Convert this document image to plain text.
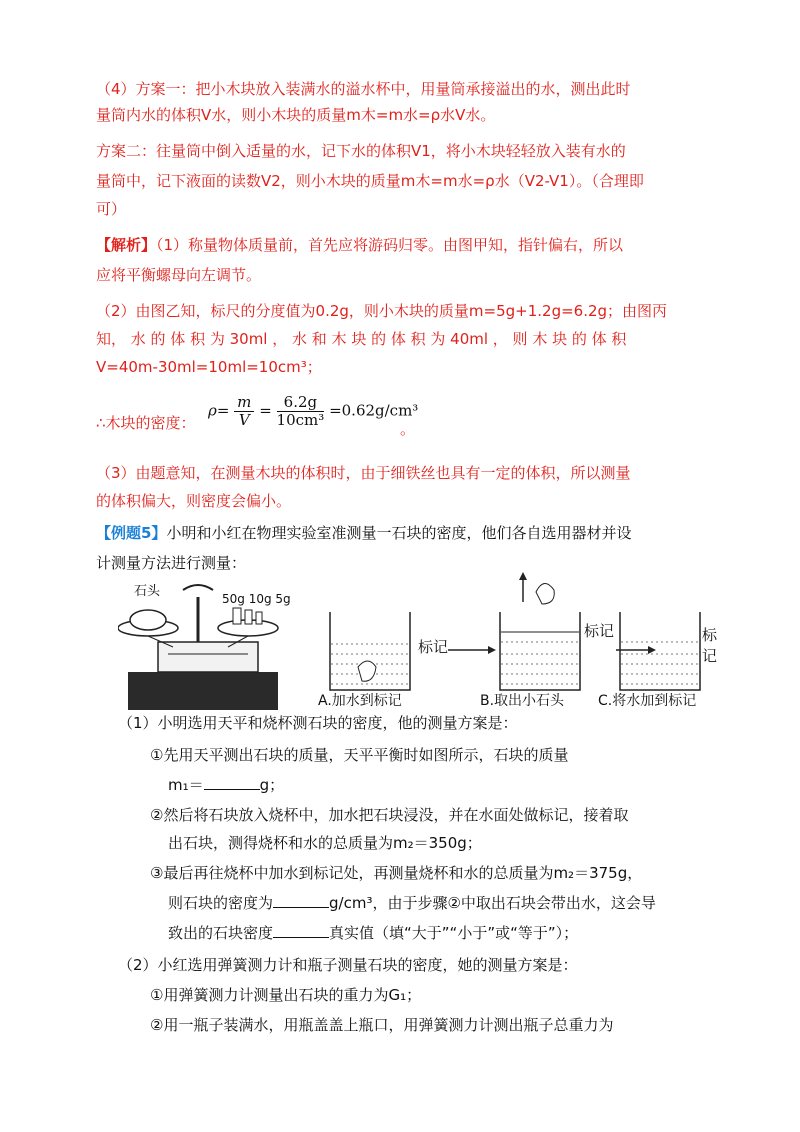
（4）方案一：把小木块放入装满水的溢水杯中，用量筒承接溢出的水，测出此时
量筒内水的体积V水，则小木块的质量m木=m水=ρ水V水。
方案二：往量筒中倒入适量的水，记下水的体积V1，将小木块轻轻放入装有水的
量筒中，记下液面的读数V2，则小木块的质量m木=m水=ρ水（V2-V1）。（合理即
可）
【解析】（1）称量物体质量前，首先应将游码归零。由图甲知，指针偏右，所以
应将平衡螺母向左调节。
（2）由图乙知，标尺的分度值为0.2g，则小木块的质量m=5g+1.2g=6.2g；由图丙
知， 水 的 体 积 为 30ml ， 水 和 木 块 的 体 积 为 40ml ， 则 木 块 的 体 积
V=40m-30ml=10ml=10cm³；
∴木块的密度：
$\rho= \frac{m}{V} = \frac{6.2g}{\text{10cm³}} =0.62g/cm^3$
。
（3）由题意知，在测量木块的体积时，由于细铁丝也具有一定的体积，所以测量
的体积偏大，则密度会偏小。
【例题5】小明和小红在物理实验室准测量一石块的密度，他们各自选用器材并设
计测量方法进行测量：
石头	50g 10g 5g
标记
标记	标记
A.加水到标记	B.取出小石头 C.将水加到标记
（1）小明选用天平和烧杯测石块的密度，他的测量方案是：
①先用天平测出石块的质量，天平平衡时如图所示，石块的质量
m₁＝	g；
②然后将石块放入烧杯中，加水把石块浸没，并在水面处做标记，接着取
出石块，测得烧杯和水的总质量为m₂＝350g；
③最后再往烧杯中加水到标记处，再测量烧杯和水的总质量为m₂＝375g，
则石块的密度为	g/cm³，由于步骤②中取出石块会带出水，这会导
致出的石块密度	真实值（填“大于”“小于”或“等于”）；
（2）小红选用弹簧测力计和瓶子测量石块的密度，她的测量方案是：
①用弹簧测力计测量出石块的重力为G₁；
②用一瓶子装满水，用瓶盖盖上瓶口，用弹簧测力计测出瓶子总重力为
